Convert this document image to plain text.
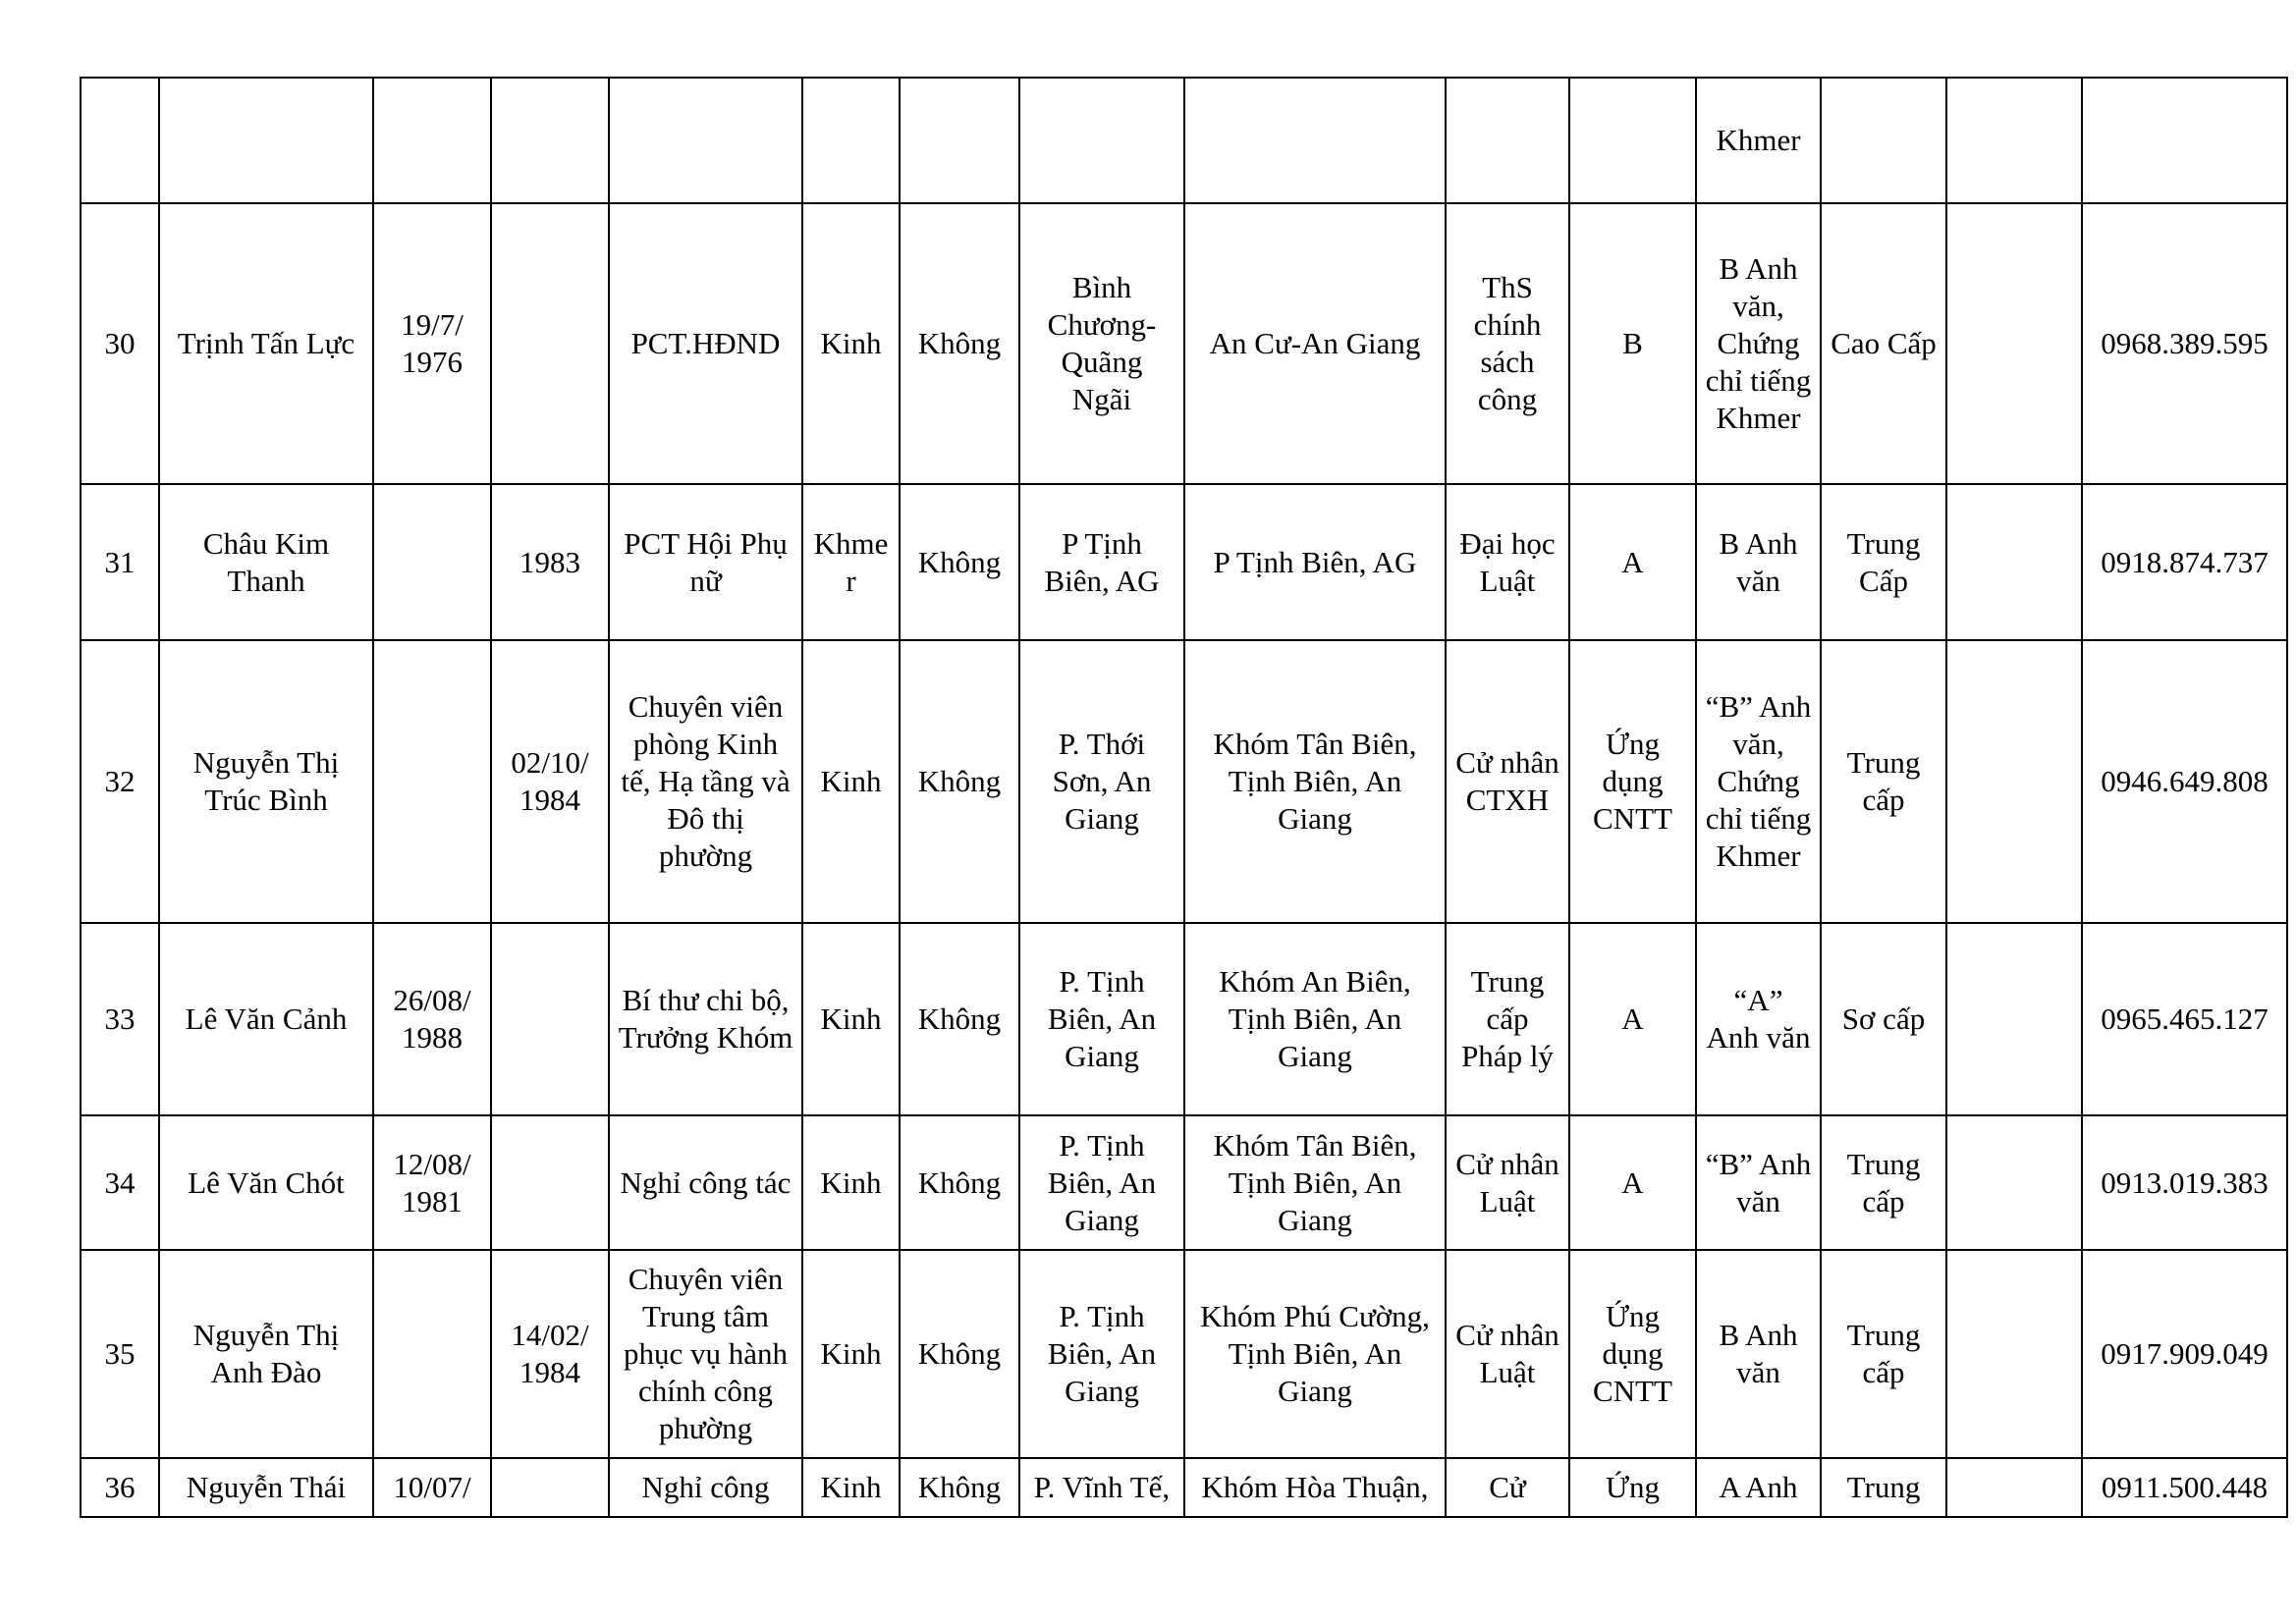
											Khmer			
30	Trịnh Tấn Lực	19/7/ 1976		PCT.HĐND	Kinh	Không	Bình Chương- Quãng Ngãi	An Cư-An Giang	ThS chính sách công	B	B Anh văn, Chứng chỉ tiếng Khmer	Cao Cấp		0968.389.595
31	Châu Kim Thanh		1983	PCT Hội Phụ nữ	Khmer	Không	P Tịnh Biên, AG	P Tịnh Biên, AG	Đại học Luật	A	B Anh văn	Trung Cấp		0918.874.737
32	Nguyễn Thị Trúc Bình		02/10/ 1984	Chuyên viên phòng Kinh tế, Hạ tầng và Đô thị phường	Kinh	Không	P. Thới Sơn, An Giang	Khóm Tân Biên, Tịnh Biên, An Giang	Cử nhân CTXH	Ứng dụng CNTT	“B” Anh văn, Chứng chỉ tiếng Khmer	Trung cấp		0946.649.808
33	Lê Văn Cảnh	26/08/ 1988		Bí thư chi bộ, Trưởng Khóm	Kinh	Không	P. Tịnh Biên, An Giang	Khóm An Biên, Tịnh Biên, An Giang	Trung cấp Pháp lý	A	“A” Anh văn	Sơ cấp		0965.465.127
34	Lê Văn Chót	12/08/ 1981		Nghỉ công tác	Kinh	Không	P. Tịnh Biên, An Giang	Khóm Tân Biên, Tịnh Biên, An Giang	Cử nhân Luật	A	“B” Anh văn	Trung cấp		0913.019.383
35	Nguyễn Thị Anh Đào		14/02/ 1984	Chuyên viên Trung tâm phục vụ hành chính công phường	Kinh	Không	P. Tịnh Biên, An Giang	Khóm Phú Cường, Tịnh Biên, An Giang	Cử nhân Luật	Ứng dụng CNTT	B Anh văn	Trung cấp		0917.909.049
36	Nguyễn Thái	10/07/		Nghỉ công	Kinh	Không	P. Vĩnh Tế,	Khóm Hòa Thuận,	Cử	Ứng	A Anh	Trung		0911.500.448
